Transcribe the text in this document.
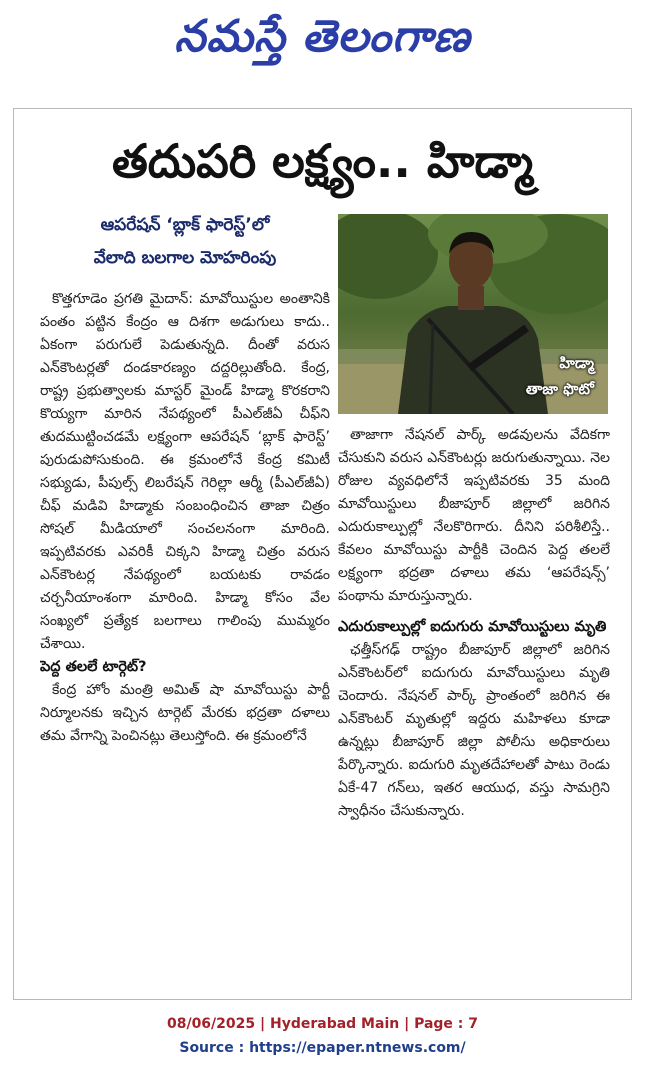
నమస్తే తెలంగాణ
తదుపరి లక్ష్యం.. హిడ్మా
ఆపరేషన్ ‘బ్లాక్ ఫారెస్ట్’లో
వేలాది బలగాల మోహరింపు
హిడ్మా
తాజా ఫొటో

కొత్తగూడెం ప్రగతి మైదాన్: మావోయిస్టుల అంతానికి పంతం పట్టిన కేంద్రం ఆ దిశగా అడుగులు కాదు.. ఏకంగా పరుగులే పెడుతున్నది. దీంతో వరుస ఎన్‌కౌంటర్లతో దండకారణ్యం దద్దరిల్లుతోంది. కేంద్ర, రాష్ట్ర ప్రభుత్వాలకు మాస్టర్ మైండ్ హిడ్మా కొరకరాని కొయ్యగా మారిన నేపథ్యంలో పీఎల్‌జీఏ చీఫ్‌ని తుదముట్టించడమే లక్ష్యంగా ఆపరేషన్ ‘బ్లాక్ ఫారెస్ట్’ పురుడుపోసుకుంది. ఈ క్రమంలోనే కేంద్ర కమిటీ సభ్యుడు, పీపుల్స్ లిబరేషన్ గెరిల్లా ఆర్మీ (పీఎల్‌జీఏ) చీఫ్ మడివి హిడ్మాకు సంబంధించిన తాజా చిత్రం సోషల్ మీడియాలో సంచలనంగా మారింది. ఇప్పటివరకు ఎవరికీ చిక్కని హిడ్మా చిత్రం వరుస ఎన్‌కౌంటర్ల నేపథ్యంలో బయటకు రావడం చర్చనీయాంశంగా మారింది. హిడ్మా కోసం వేల సంఖ్యలో ప్రత్యేక బలగాలు గాలింపు ముమ్మరం చేశాయి.

పెద్ద తలలే టార్గెట్?

కేంద్ర హోం మంత్రి అమిత్ షా మావోయిస్టు పార్టీ నిర్మూలనకు ఇచ్చిన టార్గెట్ మేరకు భద్రతా దళాలు తమ వేగాన్ని పెంచినట్లు తెలుస్తోంది. ఈ క్రమంలోనే

తాజాగా నేషనల్ పార్క్ అడవులను వేదికగా చేసుకుని వరుస ఎన్‌కౌంటర్లు జరుగుతున్నాయి. నెల రోజుల వ్యవధిలోనే ఇప్పటివరకు 35 మంది మావోయిస్టులు బీజాపూర్ జిల్లాలో జరిగిన ఎదురుకాల్పుల్లో నేలకొరిగారు. దీనిని పరిశీలిస్తే.. కేవలం మావోయిస్టు పార్టీకి చెందిన పెద్ద తలలే లక్ష్యంగా భద్రతా దళాలు తమ ‘ఆపరేషన్స్’ పంథాను మారుస్తున్నారు.

ఎదురుకాల్పుల్లో ఐదుగురు మావోయిస్టులు మృతి

ఛత్తీస్‌గఢ్ రాష్ట్రం బీజాపూర్ జిల్లాలో జరిగిన ఎన్‌కౌంటర్‌లో ఐదుగురు మావోయిస్టులు మృతి చెందారు. నేషనల్ పార్క్ ప్రాంతంలో జరిగిన ఈ ఎన్‌కౌంటర్ మృతుల్లో ఇద్దరు మహిళలు కూడా ఉన్నట్లు బీజాపూర్ జిల్లా పోలీసు అధికారులు పేర్కొన్నారు. ఐదుగురి మృతదేహాలతో పాటు రెండు ఏకే-47 గన్‌లు, ఇతర ఆయుధ, వస్తు సామగ్రిని స్వాధీనం చేసుకున్నారు.

08/06/2025 | Hyderabad Main | Page : 7
Source : https://epaper.ntnews.com/
